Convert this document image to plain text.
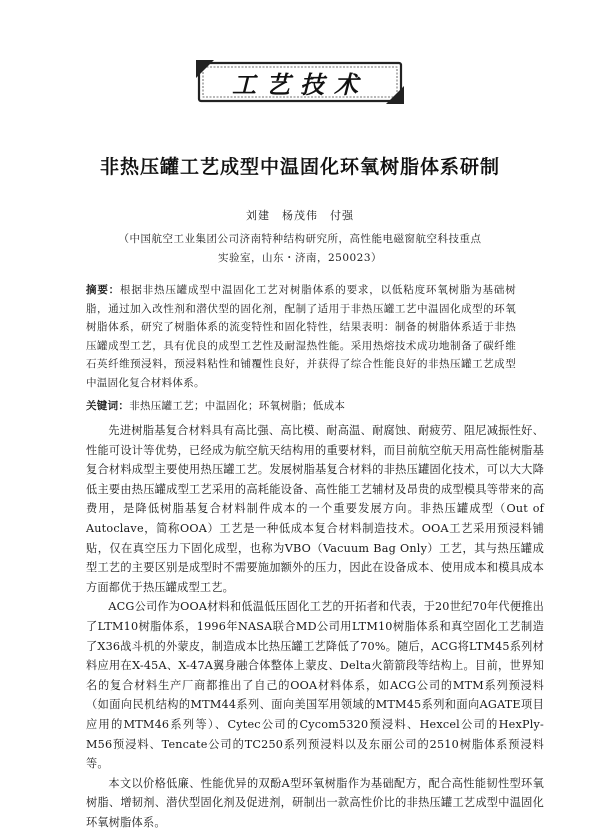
工艺技术
非热压罐工艺成型中温固化环氧树脂体系研制
刘建　杨茂伟　付强
（中国航空工业集团公司济南特种结构研究所，高性能电磁窗航空科技重点
实验室，山东・济南，250023）
摘要：根据非热压罐成型中温固化工艺对树脂体系的要求，以低粘度环氧树脂为基础树脂，通过加入改性剂和潜伏型的固化剂，配制了适用于非热压罐工艺中温固化成型的环氧树脂体系，研究了树脂体系的流变特性和固化特性，结果表明：制备的树脂体系适于非热压罐成型工艺，具有优良的成型工艺性及耐湿热性能。采用热熔技术成功地制备了碳纤维石英纤维预浸料，预浸料粘性和铺覆性良好，并获得了综合性能良好的非热压罐工艺成型中温固化复合材料体系。
关键词：非热压罐工艺；中温固化；环氧树脂；低成本

先进树脂基复合材料具有高比强、高比模、耐高温、耐腐蚀、耐疲劳、阻尼减振性好、性能可设计等优势，已经成为航空航天结构用的重要材料，而目前航空航天用高性能树脂基复合材料成型主要使用热压罐工艺。发展树脂基复合材料的非热压罐固化技术，可以大大降低主要由热压罐成型工艺采用的高耗能设备、高性能工艺辅材及昂贵的成型模具等带来的高费用，是降低树脂基复合材料制件成本的一个重要发展方向。非热压罐成型（Out of Autoclave，简称OOA）工艺是一种低成本复合材料制造技术。OOA工艺采用预浸料铺贴，仅在真空压力下固化成型，也称为VBO（Vacuum Bag Only）工艺，其与热压罐成型工艺的主要区别是成型时不需要施加额外的压力，因此在设备成本、使用成本和模具成本方面都优于热压罐成型工艺。

ACG公司作为OOA材料和低温低压固化工艺的开拓者和代表，于20世纪70年代便推出了LTM10树脂体系，1996年NASA联合MD公司用LTM10树脂体系和真空固化工艺制造了X36战斗机的外蒙皮，制造成本比热压罐工艺降低了70%。随后，ACG将LTM45系列材料应用在X-45A、X-47A翼身融合体整体上蒙皮、Delta火箭箭段等结构上。目前，世界知名的复合材料生产厂商都推出了自己的OOA材料体系，如ACG公司的MTM系列预浸料（如面向民机结构的MTM44系列、面向美国军用领域的MTM45系列和面向AGATE项目应用的MTM46系列等）、Cytec公司的Cycom5320预浸料、Hexcel公司的HexPly-M56预浸料、Tencate公司的TC250系列预浸料以及东丽公司的2510树脂体系预浸料等。

本文以价格低廉、性能优异的双酚A型环氧树脂作为基础配方，配合高性能韧性型环氧树脂、增韧剂、潜伏型固化剂及促进剂，研制出一款高性价比的非热压罐工艺成型中温固化环氧树脂体系。
